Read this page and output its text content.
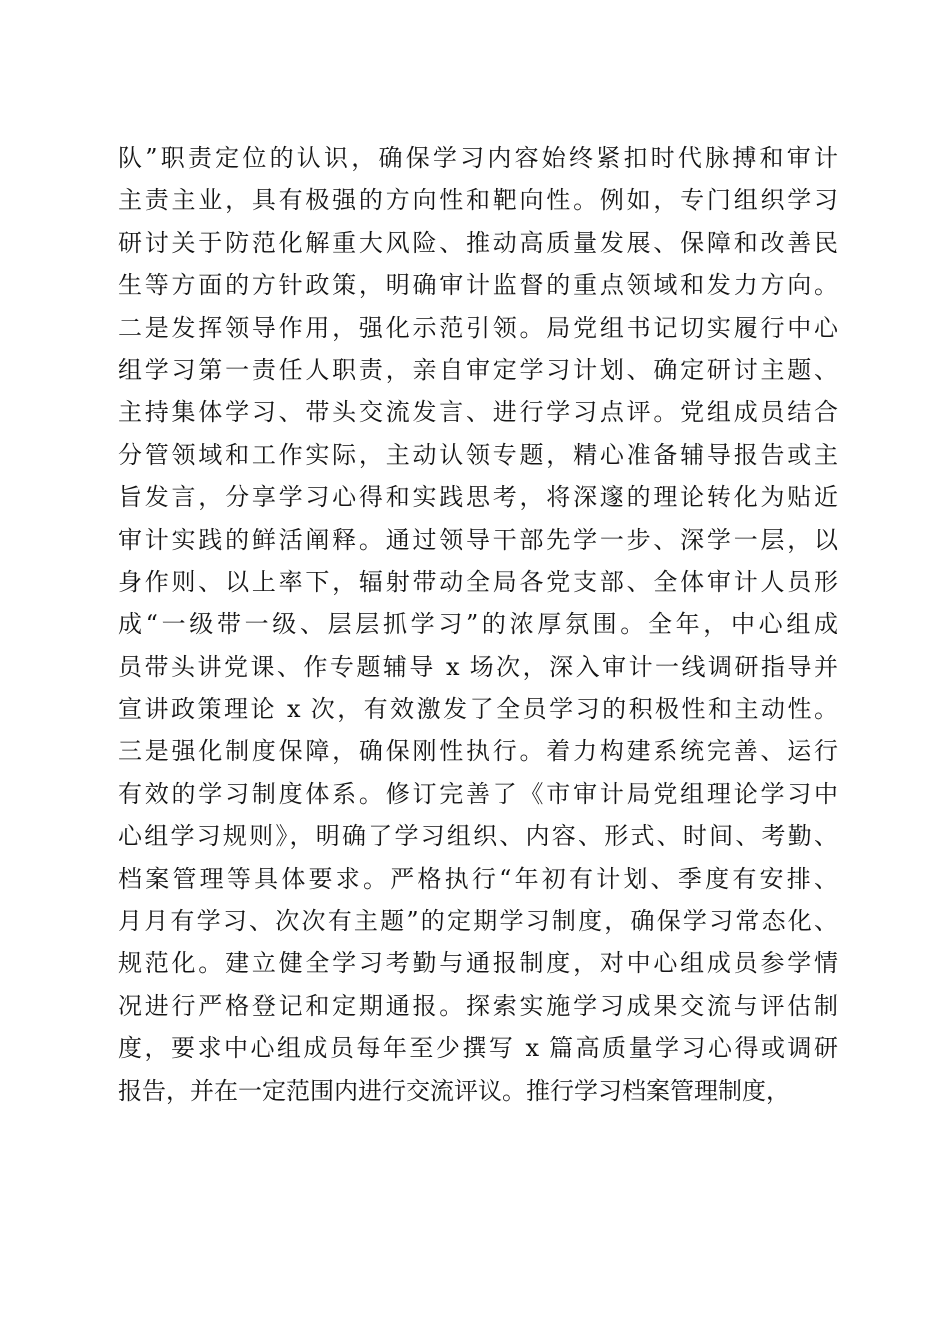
队”职责定位的认识，确保学习内容始终紧扣时代脉搏和审计
主责主业，具有极强的方向性和靶向性。例如，专门组织学习
研讨关于防范化解重大风险、推动高质量发展、保障和改善民
生等方面的方针政策，明确审计监督的重点领域和发力方向。
二是发挥领导作用，强化示范引领。局党组书记切实履行中心
组学习第一责任人职责，亲自审定学习计划、确定研讨主题、
主持集体学习、带头交流发言、进行学习点评。党组成员结合
分管领域和工作实际，主动认领专题，精心准备辅导报告或主
旨发言，分享学习心得和实践思考，将深邃的理论转化为贴近
审计实践的鲜活阐释。通过领导干部先学一步、深学一层，以
身作则、以上率下，辐射带动全局各党支部、全体审计人员形
成“一级带一级、层层抓学习”的浓厚氛围。全年，中心组成
员带头讲党课、作专题辅导 x 场次，深入审计一线调研指导并
宣讲政策理论 x 次，有效激发了全员学习的积极性和主动性。
三是强化制度保障，确保刚性执行。着力构建系统完善、运行
有效的学习制度体系。修订完善了《市审计局党组理论学习中
心组学习规则》，明确了学习组织、内容、形式、时间、考勤、
档案管理等具体要求。严格执行“年初有计划、季度有安排、
月月有学习、次次有主题”的定期学习制度，确保学习常态化、
规范化。建立健全学习考勤与通报制度，对中心组成员参学情
况进行严格登记和定期通报。探索实施学习成果交流与评估制
度，要求中心组成员每年至少撰写 x 篇高质量学习心得或调研
报告，并在一定范围内进行交流评议。推行学习档案管理制度，
